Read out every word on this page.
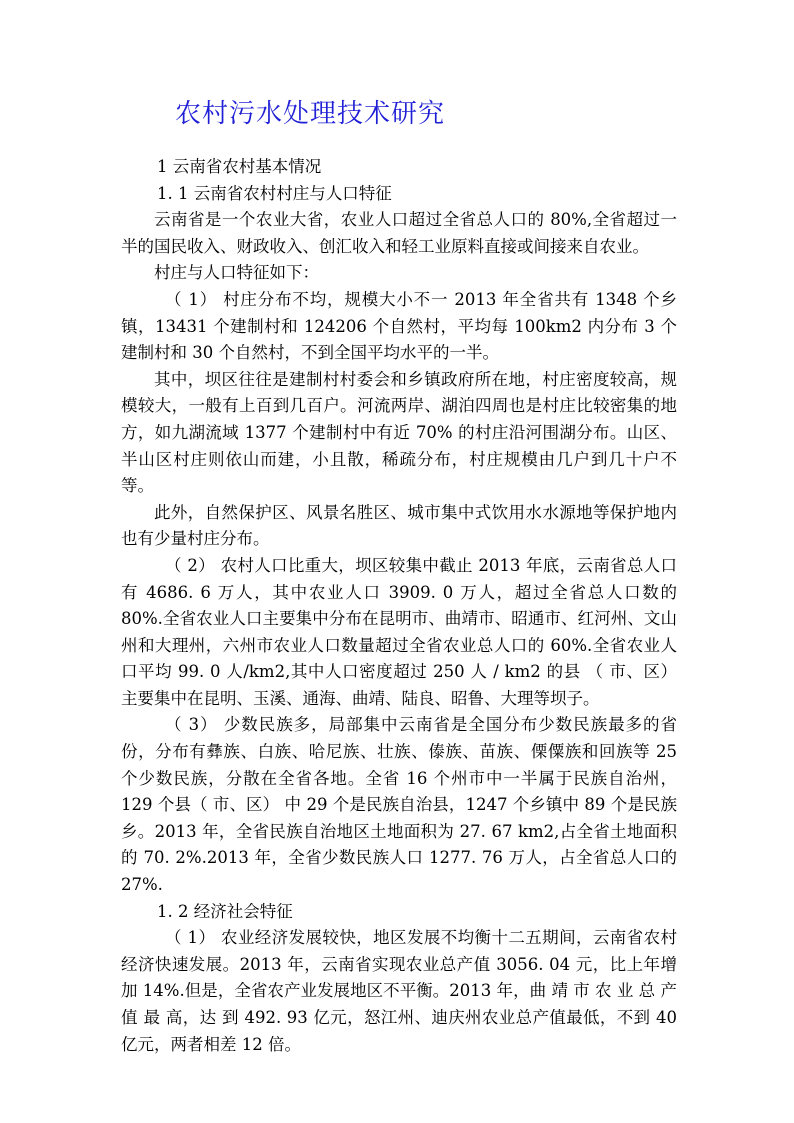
农村污水处理技术研究

1 云南省农村基本情况

1. 1 云南省农村村庄与人口特征

云南省是一个农业大省，农业人口超过全省总人口的 80%,全省超过一半的国民收入、财政收入、创汇收入和轻工业原料直接或间接来自农业。

村庄与人口特征如下：

（ 1） 村庄分布不均，规模大小不一 2013 年全省共有 1348 个乡镇，13431 个建制村和 124206 个自然村，平均每 100km2 内分布 3 个建制村和 30 个自然村，不到全国平均水平的一半。

其中，坝区往往是建制村村委会和乡镇政府所在地，村庄密度较高，规模较大，一般有上百到几百户。河流两岸、湖泊四周也是村庄比较密集的地方，如九湖流域 1377 个建制村中有近 70% 的村庄沿河围湖分布。山区、半山区村庄则依山而建，小且散，稀疏分布，村庄规模由几户到几十户不等。

此外，自然保护区、风景名胜区、城市集中式饮用水水源地等保护地内也有少量村庄分布。

（ 2） 农村人口比重大，坝区较集中截止 2013 年底，云南省总人口有 4686. 6 万人，其中农业人口 3909. 0 万人，超过全省总人口数的 80%.全省农业人口主要集中分布在昆明市、曲靖市、昭通市、红河州、文山州和大理州，六州市农业人口数量超过全省农业总人口的 60%.全省农业人口平均 99. 0 人/km2,其中人口密度超过 250 人 / km2 的县 （ 市、区） 主要集中在昆明、玉溪、通海、曲靖、陆良、昭鲁、大理等坝子。

（ 3） 少数民族多，局部集中云南省是全国分布少数民族最多的省份，分布有彝族、白族、哈尼族、壮族、傣族、苗族、傈僳族和回族等 25 个少数民族，分散在全省各地。全省 16 个州市中一半属于民族自治州，129 个县（ 市、区） 中 29 个是民族自治县，1247 个乡镇中 89 个是民族乡。2013 年，全省民族自治地区土地面积为 27. 67 km2,占全省土地面积的 70. 2%.2013 年，全省少数民族人口 1277. 76 万人，占全省总人口的 27%.

1. 2 经济社会特征

（ 1） 农业经济发展较快，地区发展不均衡十二五期间，云南省农村经济快速发展。2013 年，云南省实现农业总产值 3056. 04 元，比上年增加 14%.但是，全省农产业发展地区不平衡。2013 年，曲 靖 市 农 业 总 产 值 最 高，达 到 492. 93 亿元，怒江州、迪庆州农业总产值最低，不到 40 亿元，两者相差 12 倍。
